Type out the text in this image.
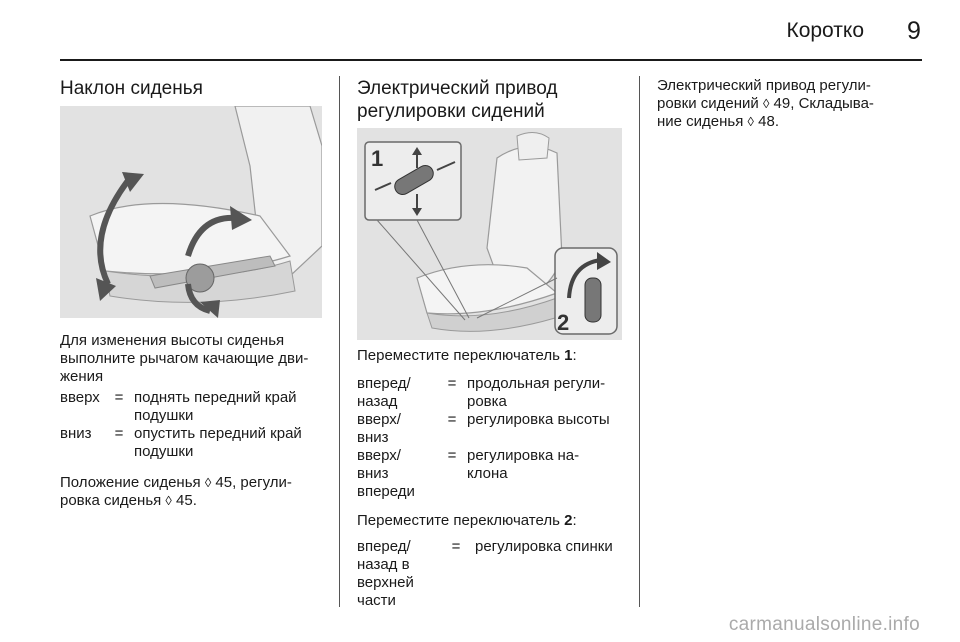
Коротко 9
Наклон сиденья
Для изменения высоты сиденья
выполните рычагом качающие дви-
жения
вверх = поднять передний край
подушки
вниз	= опустить передний край
подушки
Положение сиденья ◊ 45, регули-
ровка сиденья ◊ 45.
Электрический привод
регулировки сидений
1
2
Переместите переключатель 1:
вперед/
назад
= продольная регули-
ровка
вверх/
вниз
= регулировка высоты
вверх/
вниз
впереди
= регулировка на-
клона
Переместите переключатель 2:
вперед/
назад в
верхней
части
= регулировка спинки
Электрический привод регули-
ровки сидений ◊ 49, Складыва-
ние сиденья ◊ 48.
carmanualsonline.info
